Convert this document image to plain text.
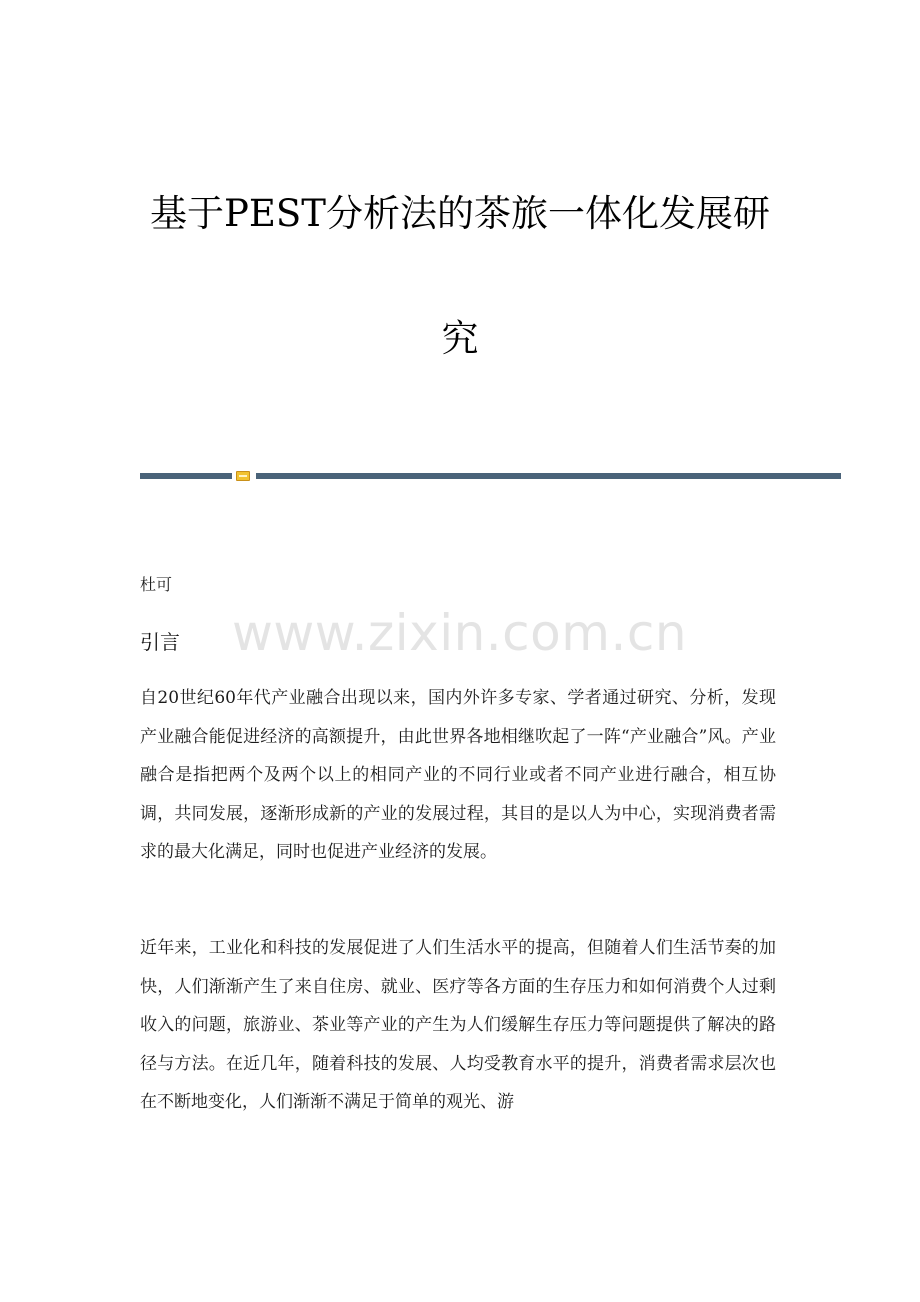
基于PEST分析法的茶旅一体化发展研
究

杜可

www.zixin.com.cn
引言

自20世纪60年代产业融合出现以来，国内外许多专家、学者通过研究、分析，发现产业融合能促进经济的高额提升，由此世界各地相继吹起了一阵“产业融合”风。产业融合是指把两个及两个以上的相同产业的不同行业或者不同产业进行融合，相互协调，共同发展，逐渐形成新的产业的发展过程，其目的是以人为中心，实现消费者需求的最大化满足，同时也促进产业经济的发展。

近年来，工业化和科技的发展促进了人们生活水平的提高，但随着人们生活节奏的加快，人们渐渐产生了来自住房、就业、医疗等各方面的生存压力和如何消费个人过剩收入的问题，旅游业、茶业等产业的产生为人们缓解生存压力等问题提供了解决的路径与方法。在近几年，随着科技的发展、人均受教育水平的提升，消费者需求层次也在不断地变化，人们渐渐不满足于简单的观光、游
